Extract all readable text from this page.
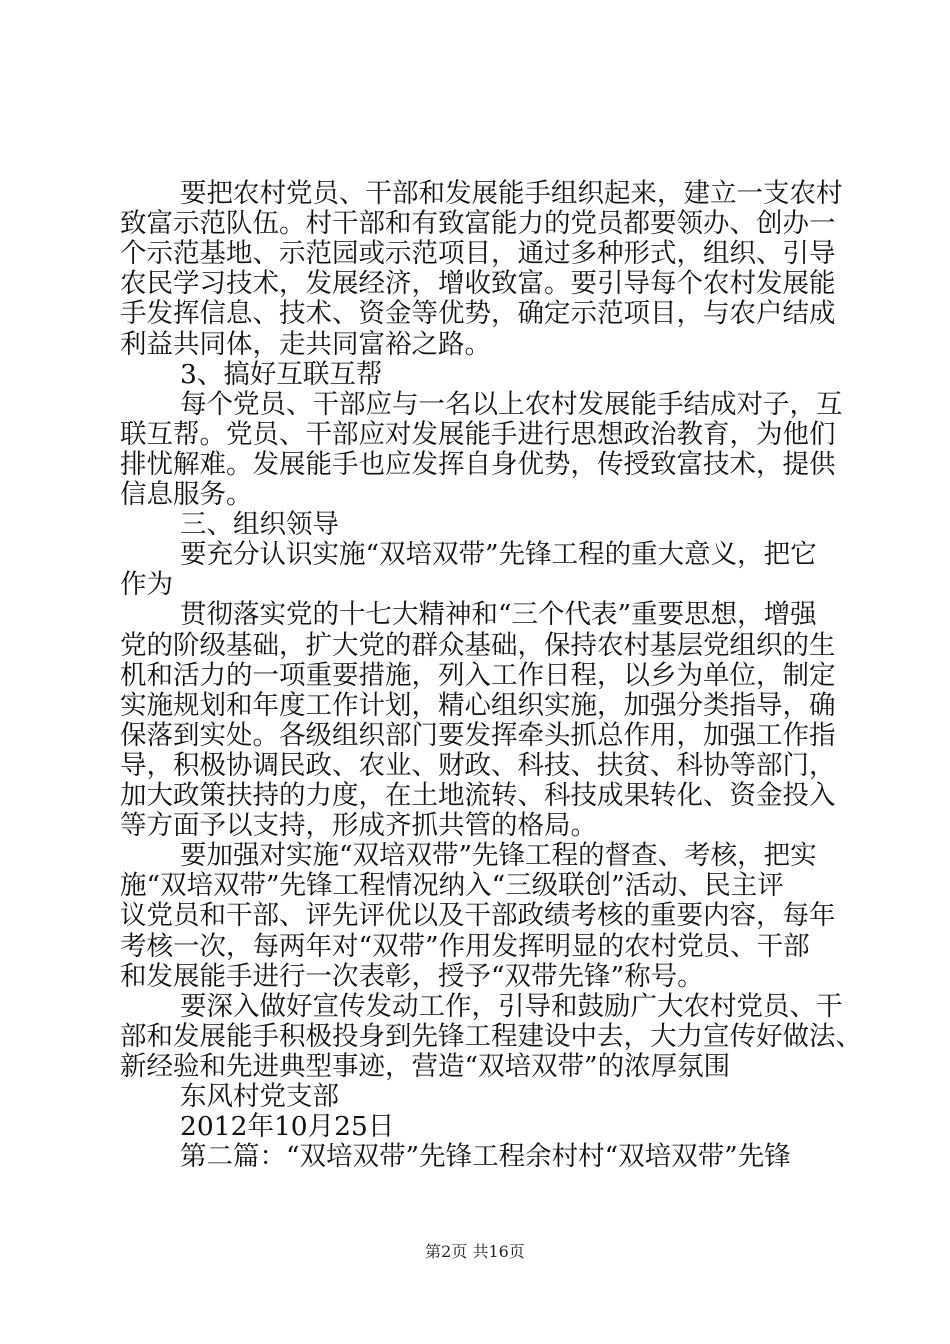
要把农村党员、干部和发展能手组织起来，建立一支农村
致富示范队伍。村干部和有致富能力的党员都要领办、创办一
个示范基地、示范园或示范项目，通过多种形式，组织、引导
农民学习技术，发展经济，增收致富。要引导每个农村发展能
手发挥信息、技术、资金等优势，确定示范项目，与农户结成
利益共同体，走共同富裕之路。
3、搞好互联互帮
每个党员、干部应与一名以上农村发展能手结成对子，互
联互帮。党员、干部应对发展能手进行思想政治教育，为他们
排忧解难。发展能手也应发挥自身优势，传授致富技术，提供
信息服务。
三、组织领导
要充分认识实施“双培双带”先锋工程的重大意义，把它
作为
贯彻落实党的十七大精神和“三个代表”重要思想，增强
党的阶级基础，扩大党的群众基础，保持农村基层党组织的生
机和活力的一项重要措施，列入工作日程，以乡为单位，制定
实施规划和年度工作计划，精心组织实施，加强分类指导，确
保落到实处。各级组织部门要发挥牵头抓总作用，加强工作指
导，积极协调民政、农业、财政、科技、扶贫、科协等部门，
加大政策扶持的力度，在土地流转、科技成果转化、资金投入
等方面予以支持，形成齐抓共管的格局。
要加强对实施“双培双带”先锋工程的督查、考核，把实
施“双培双带”先锋工程情况纳入“三级联创”活动、民主评
议党员和干部、评先评优以及干部政绩考核的重要内容，每年
考核一次，每两年对“双带”作用发挥明显的农村党员、干部
和发展能手进行一次表彰，授予“双带先锋”称号。
要深入做好宣传发动工作，引导和鼓励广大农村党员、干
部和发展能手积极投身到先锋工程建设中去，大力宣传好做法、
新经验和先进典型事迹，营造“双培双带”的浓厚氛围
东风村党支部
2012年10月25日
第二篇：“双培双带”先锋工程余村村“双培双带”先锋
第2页 共16页
